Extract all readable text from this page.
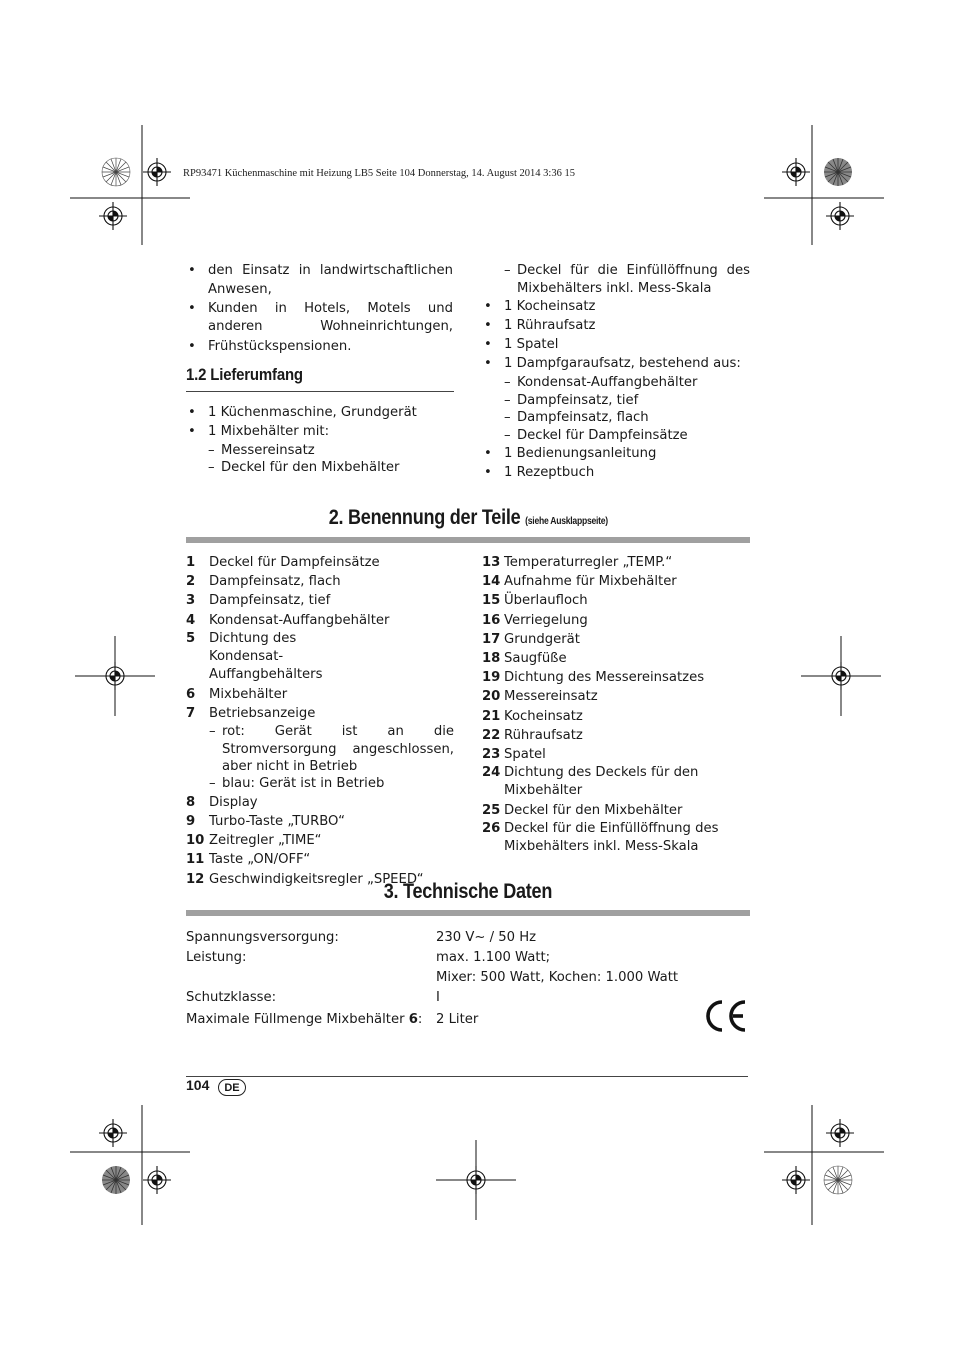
RP93471 Küchenmaschine mit Heizung LB5 Seite 104 Donnerstag, 14. August 2014 3:36 15
• den Einsatz in landwirtschaftlichen Anwesen,
• Kunden in Hotels, Motels und anderen Wohneinrichtungen,
• Frühstückspensionen.
1.2 Lieferumfang
• 1 Küchenmaschine, Grundgerät
• 1 Mixbehälter mit:
– Messereinsatz
– Deckel für den Mixbehälter
– Deckel für die Einfüllöffnung des Mixbehälters inkl. Mess-Skala
• 1 Kocheinsatz
• 1 Rühraufsatz
• 1 Spatel
• 1 Dampfgaraufsatz, bestehend aus:
– Kondensat-Auffangbehälter
– Dampfeinsatz, tief
– Dampfeinsatz, flach
– Deckel für Dampfeinsätze
• 1 Bedienungsanleitung
• 1 Rezeptbuch
2. Benennung der Teile (siehe Ausklappseite)
1 Deckel für Dampfeinsätze
2 Dampfeinsatz, flach
3 Dampfeinsatz, tief
4 Kondensat-Auffangbehälter
5 Dichtung des Kondensat-Auffangbehälters
6 Mixbehälter
7 Betriebsanzeige
– rot: Gerät ist an die Stromversorgung angeschlossen, aber nicht in Betrieb
– blau: Gerät ist in Betrieb
8 Display
9 Turbo-Taste „TURBO“
10 Zeitregler „TIME“
11 Taste „ON/OFF“
12 Geschwindigkeitsregler „SPEED“
13 Temperaturregler „TEMP.“
14 Aufnahme für Mixbehälter
15 Überlaufloch
16 Verriegelung
17 Grundgerät
18 Saugfüße
19 Dichtung des Messereinsatzes
20 Messereinsatz
21 Kocheinsatz
22 Rühraufsatz
23 Spatel
24 Dichtung des Deckels für den Mixbehälter
25 Deckel für den Mixbehälter
26 Deckel für die Einfüllöffnung des Mixbehälters inkl. Mess-Skala
3. Technische Daten
Spannungsversorgung:	230 V~ / 50 Hz
Leistung:	max. 1.100 Watt;
Mixer: 500 Watt, Kochen: 1.000 Watt
Schutzklasse:	I
Maximale Füllmenge Mixbehälter 6: 2 Liter
CE
104	DE
